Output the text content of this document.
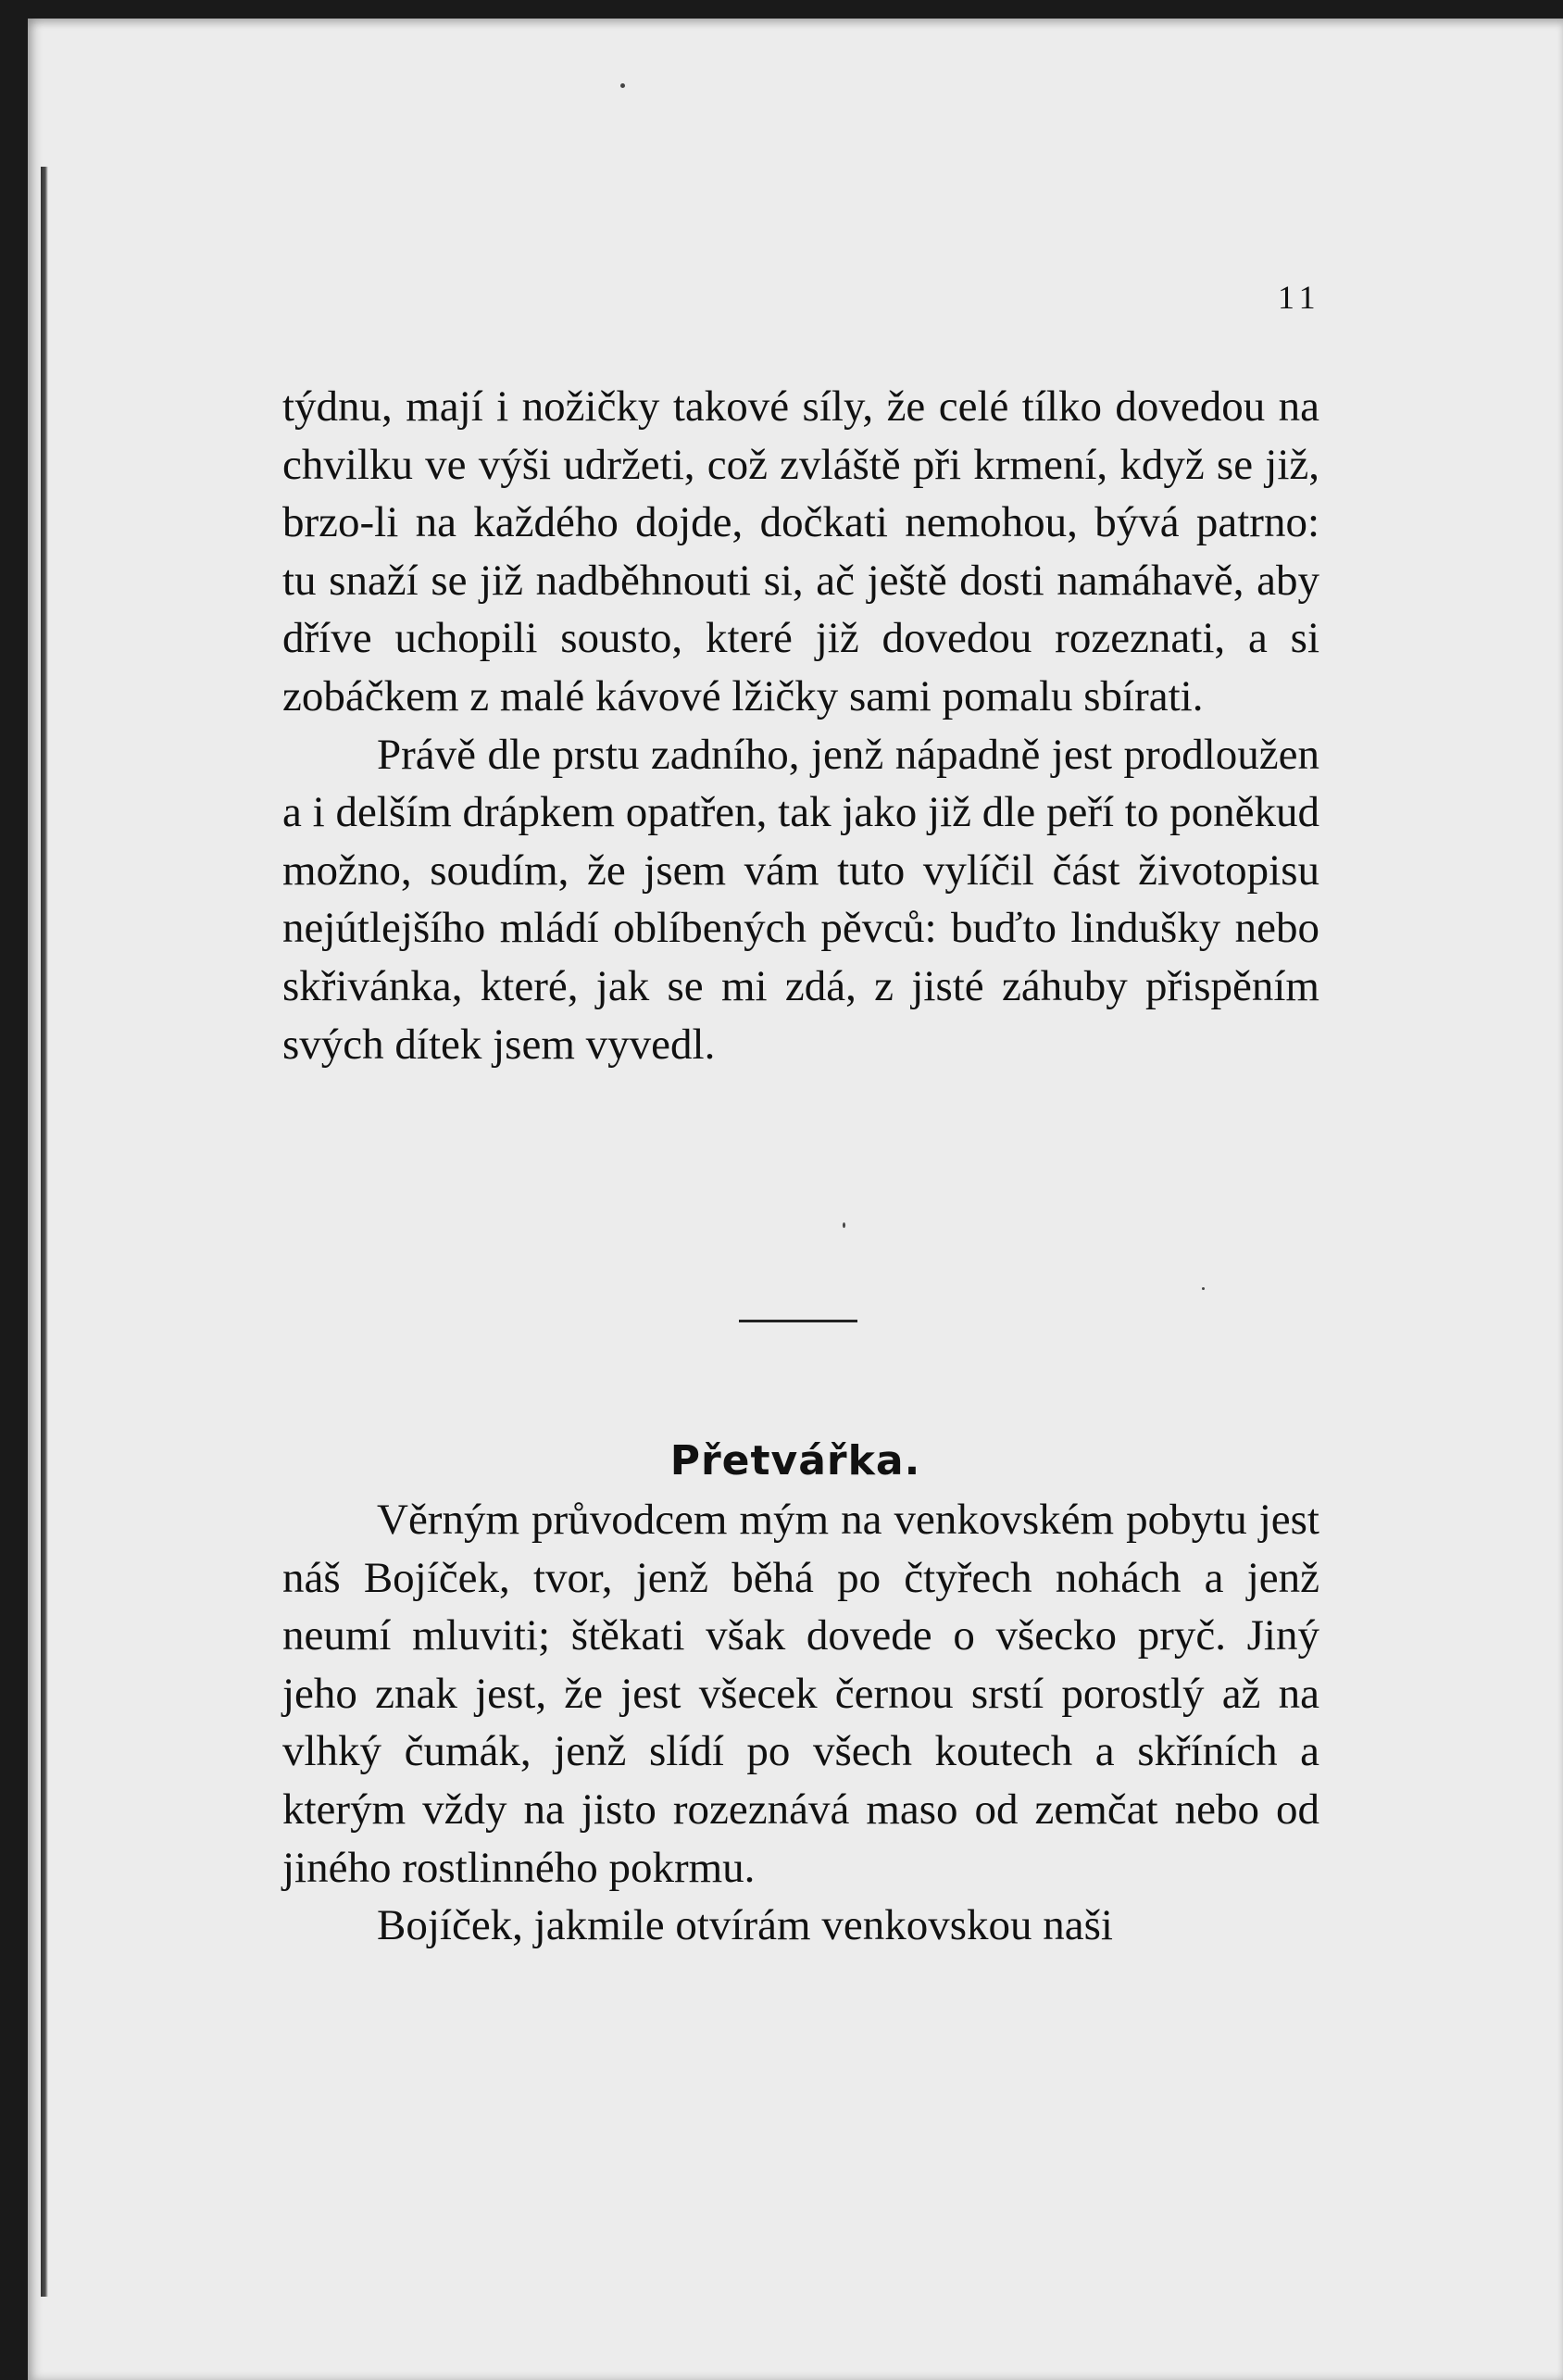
11

týdnu, mají i nožičky takové síly, že celé tílko dovedou na chvilku ve výši udržeti, což zvláště při krmení, když se již, brzo-li na každého dojde, dočkati nemohou, bývá patrno: tu snaží se již nadběhnouti si, ač ještě dosti namáhavě, aby dříve uchopili sousto, které již dovedou rozeznati, a si zobáčkem z malé kávové lžičky sami pomalu sbírati.

Právě dle prstu zadního, jenž nápadně jest prodloužen a i delším drápkem opatřen, tak jako již dle peří to poněkud možno, soudím, že jsem vám tuto vylíčil část životopisu nejútlejšího mládí oblíbených pěvců: buďto lindušky nebo skřivánka, které, jak se mi zdá, z jisté záhuby přispěním svých dítek jsem vyvedl.

Přetvářka.

Věrným průvodcem mým na venkovském pobytu jest náš Bojíček, tvor, jenž běhá po čtyřech nohách a jenž neumí mluviti; štěkati však dovede o všecko pryč. Jiný jeho znak jest, že jest všecek černou srstí porostlý až na vlhký čumák, jenž slídí po všech koutech a skříních a kterým vždy na jisto rozeznává maso od zemčat nebo od jiného rostlinného pokrmu.

Bojíček, jakmile otvírám venkovskou naši
